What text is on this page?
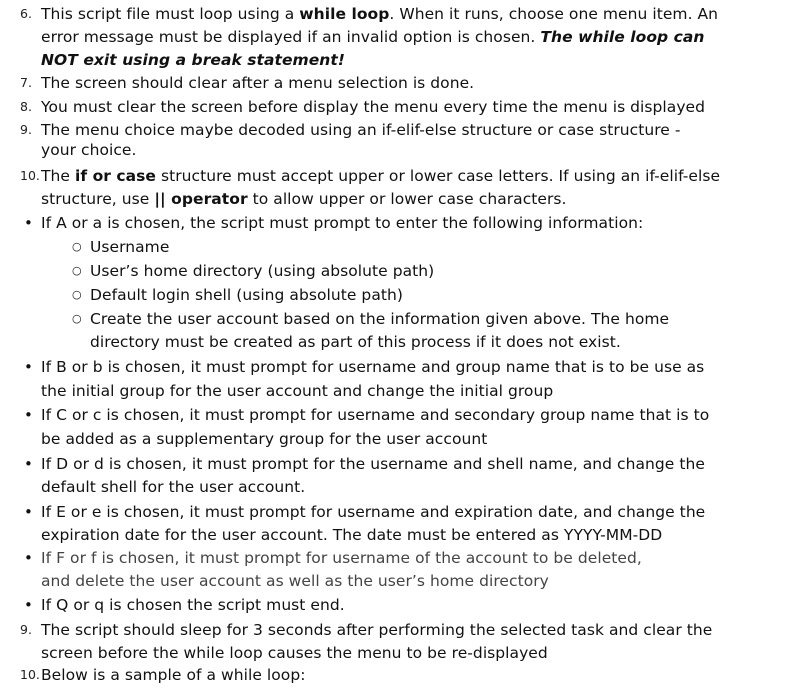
6. This script file must loop using a while loop. When it runs, choose one menu item. An
error message must be displayed if an invalid option is chosen. The while loop can
NOT exit using a break statement!
7. The screen should clear after a menu selection is done.
8. You must clear the screen before display the menu every time the menu is displayed
9. The menu choice maybe decoded using an if-elif-else structure or case structure -
your choice.
10. The if or case structure must accept upper or lower case letters. If using an if-elif-else
structure, use || operator to allow upper or lower case characters.
• If A or a is chosen, the script must prompt to enter the following information:
○ Username
○ User’s home directory (using absolute path)
○ Default login shell (using absolute path)
○ Create the user account based on the information given above. The home
directory must be created as part of this process if it does not exist.
• If B or b is chosen, it must prompt for username and group name that is to be use as
the initial group for the user account and change the initial group
• If C or c is chosen, it must prompt for username and secondary group name that is to
be added as a supplementary group for the user account
• If D or d is chosen, it must prompt for the username and shell name, and change the
default shell for the user account.
• If E or e is chosen, it must prompt for username and expiration date, and change the
expiration date for the user account. The date must be entered as YYYY-MM-DD
• If F or f is chosen, it must prompt for username of the account to be deleted,
and delete the user account as well as the user’s home directory
• If Q or q is chosen the script must end.
9. The script should sleep for 3 seconds after performing the selected task and clear the
screen before the while loop causes the menu to be re-displayed
10. Below is a sample of a while loop:
